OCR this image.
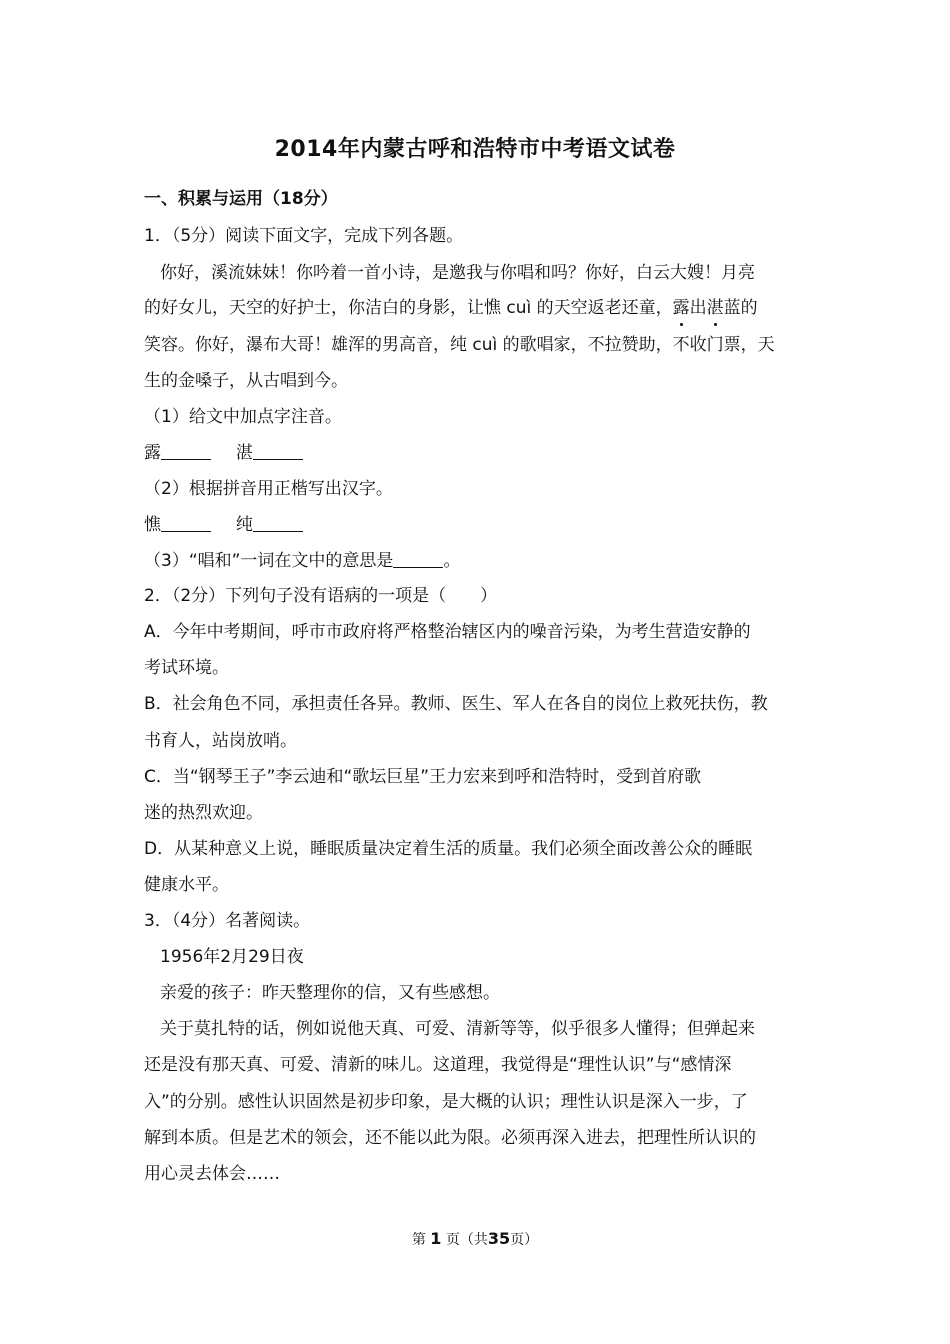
2014年内蒙古呼和浩特市中考语文试卷
一、积累与运用（18分）
1．（5分）阅读下面文字，完成下列各题。
你好，溪流妹妹！你吟着一首小诗，是邀我与你唱和吗？你好，白云大嫂！月亮
的好女儿，天空的好护士，你洁白的身影，让憔 cuì 的天空返老还童，露出湛蓝的
笑容。你好，瀑布大哥！雄浑的男高音，纯 cuì 的歌唱家，不拉赞助，不收门票，天
生的金嗓子，从古唱到今。
（1）给文中加点字注音。
露	湛
（2）根据拼音用正楷写出汉字。
憔	纯
（3）“唱和”一词在文中的意思是	。
2．（2分）下列句子没有语病的一项是（　　）
A．今年中考期间，呼市市政府将严格整治辖区内的噪音污染，为考生营造安静的
考试环境。
B．社会角色不同，承担责任各异。教师、医生、军人在各自的岗位上救死扶伤，教
书育人，站岗放哨。
C．当“钢琴王子”李云迪和“歌坛巨星”王力宏来到呼和浩特时，受到首府歌
迷的热烈欢迎。
D．从某种意义上说，睡眠质量决定着生活的质量。我们必须全面改善公众的睡眠
健康水平。
3．（4分）名著阅读。
1956年2月29日夜
亲爱的孩子：昨天整理你的信，又有些感想。
关于莫扎特的话，例如说他天真、可爱、清新等等，似乎很多人懂得；但弹起来
还是没有那天真、可爱、清新的味儿。这道理，我觉得是“理性认识”与“感情深
入”的分别。感性认识固然是初步印象，是大概的认识；理性认识是深入一步，了
解到本质。但是艺术的领会，还不能以此为限。必须再深入进去，把理性所认识的
用心灵去体会……
第 1 页（共35页）
